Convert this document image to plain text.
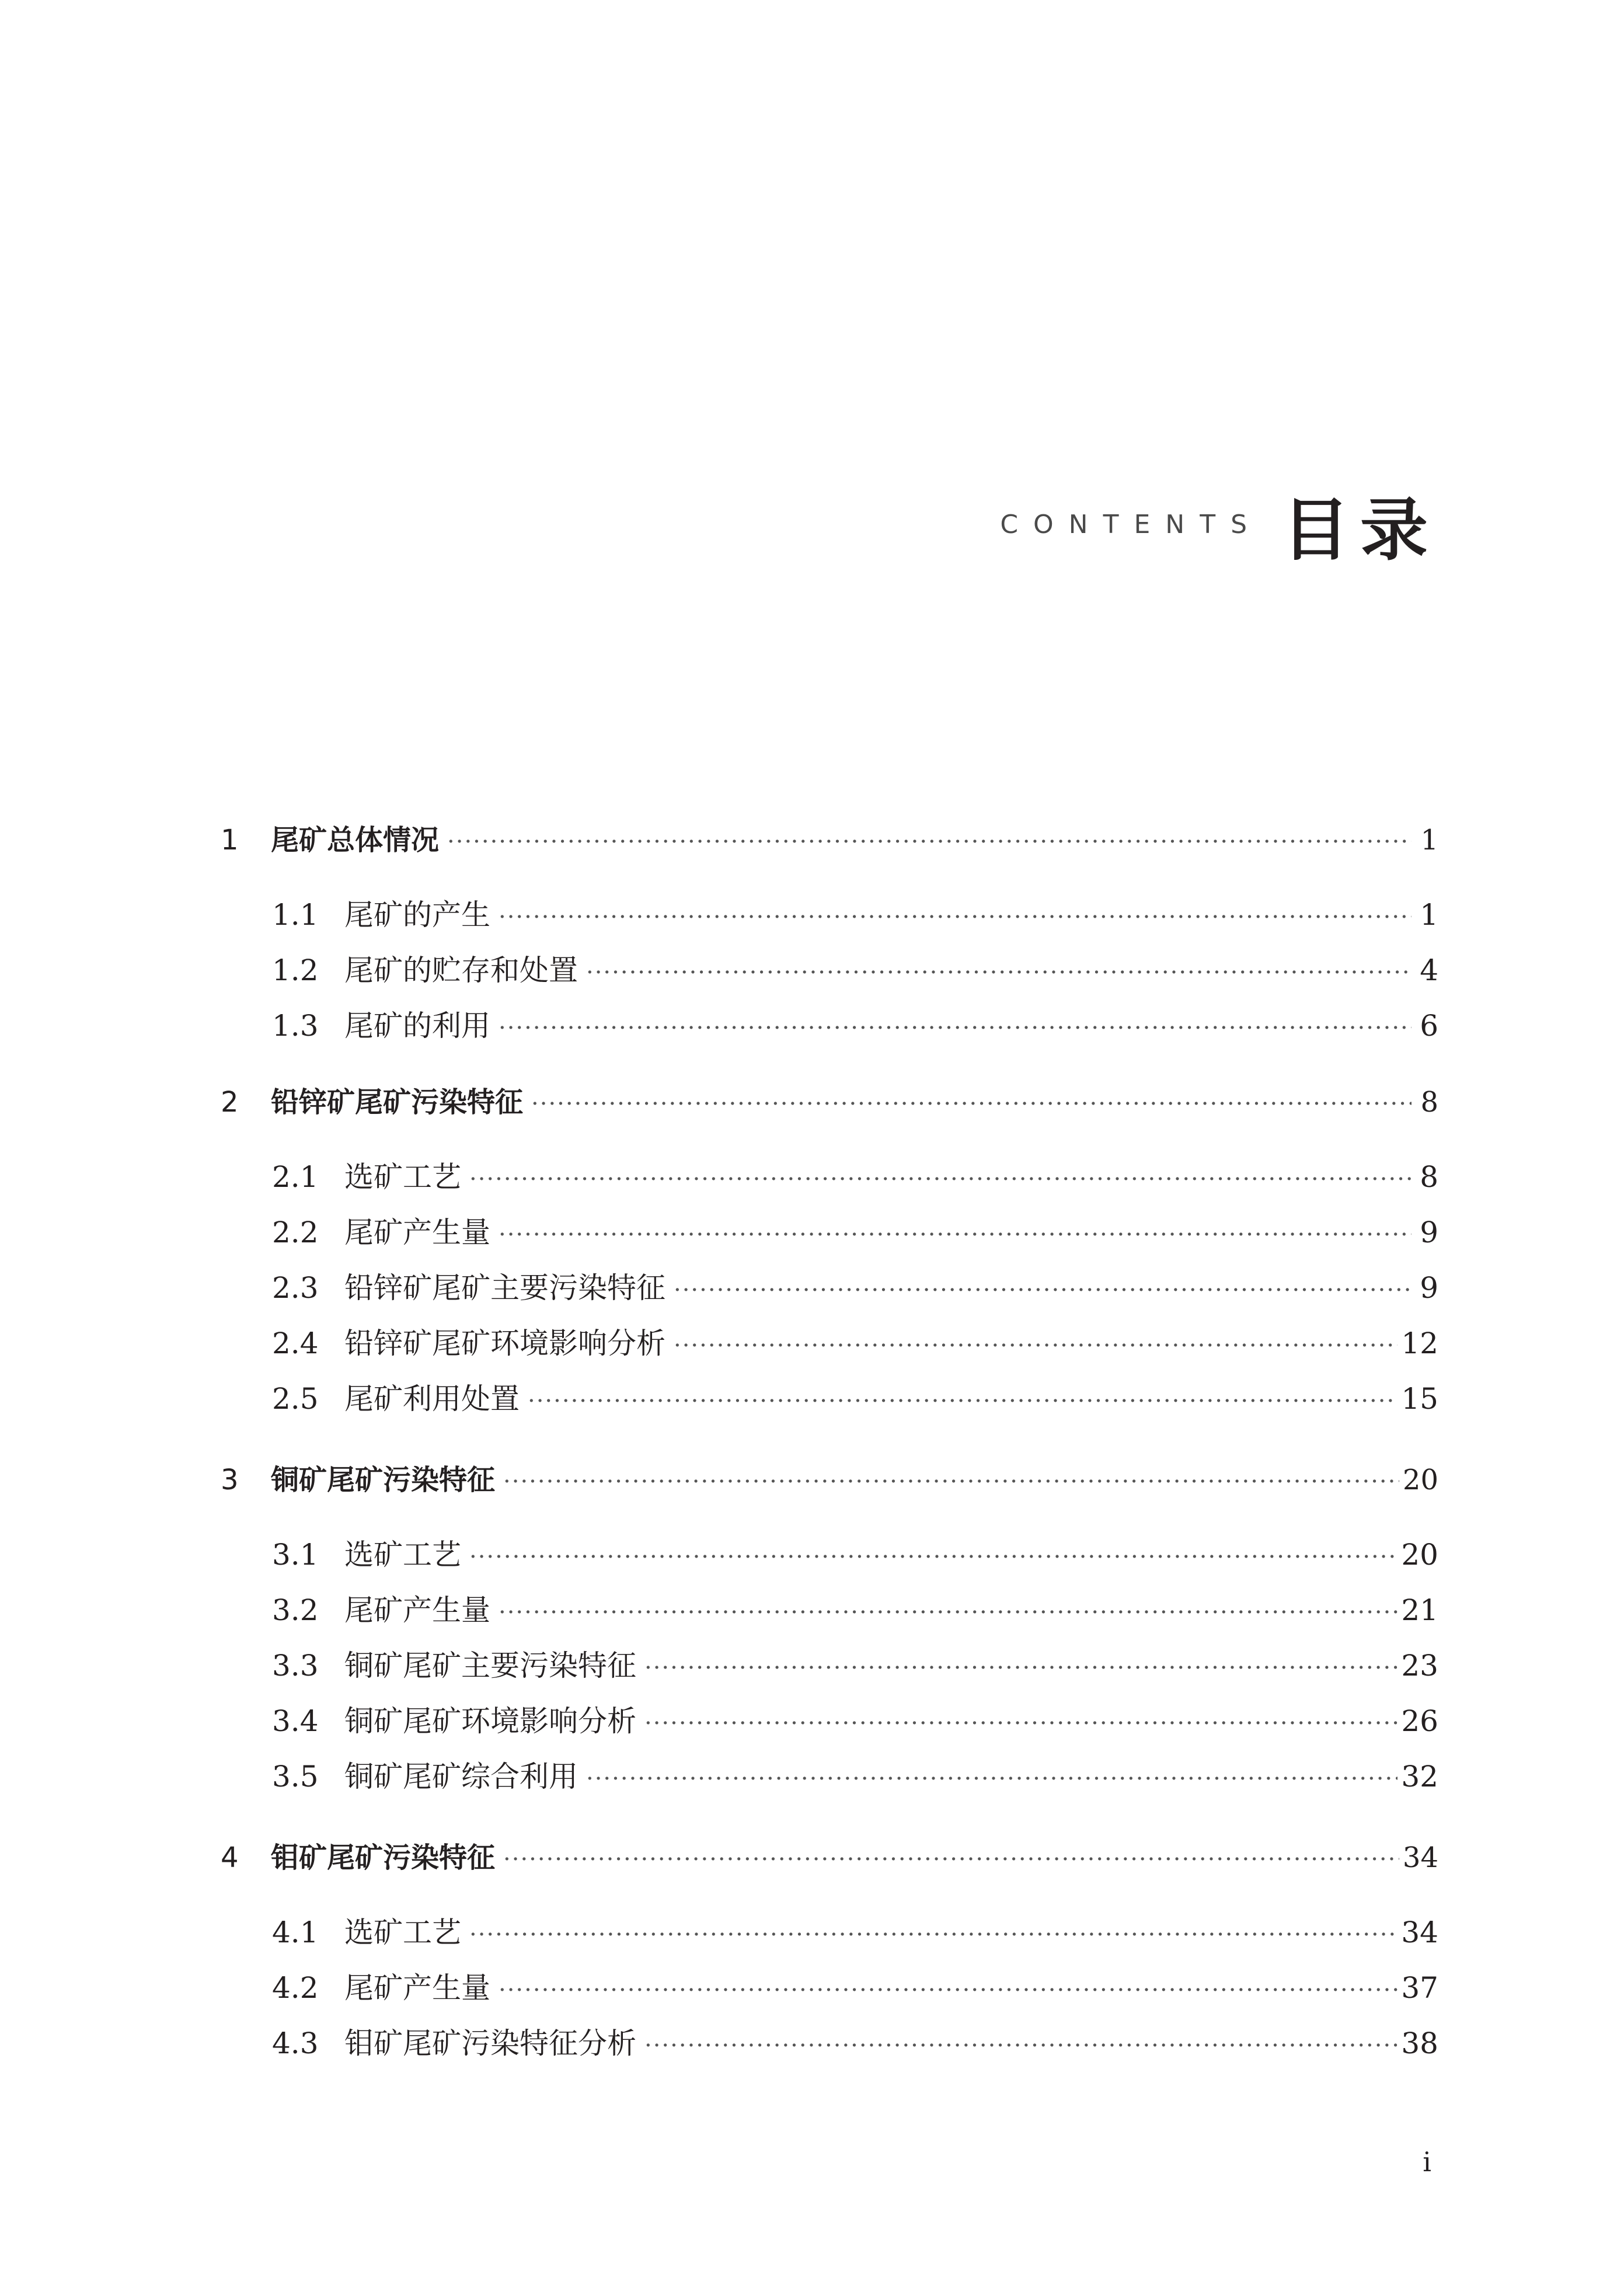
CONTENTS 目录
1	尾矿总体情况 ·····	1
1.1 尾矿的产生 ·····	1
1.2 尾矿的贮存和处置 ·····	4
1.3 尾矿的利用 ·····	6
2	铅锌矿尾矿污染特征 ·····	8
2.1 选矿工艺 ·····	8
2.2 尾矿产生量 ·····	9
2.3 铅锌矿尾矿主要污染特征 ·····	9
2.4 铅锌矿尾矿环境影响分析 ·····	12
2.5 尾矿利用处置 ·····	15
3	铜矿尾矿污染特征 ·····	20
3.1 选矿工艺 ·····	20
3.2 尾矿产生量 ·····	21
3.3 铜矿尾矿主要污染特征 ·····	23
3.4 铜矿尾矿环境影响分析 ·····	26
3.5 铜矿尾矿综合利用 ·····	32
4	钼矿尾矿污染特征 ·····	34
4.1 选矿工艺 ·····	34
4.2 尾矿产生量 ·····	37
4.3 钼矿尾矿污染特征分析 ·····	38
i
